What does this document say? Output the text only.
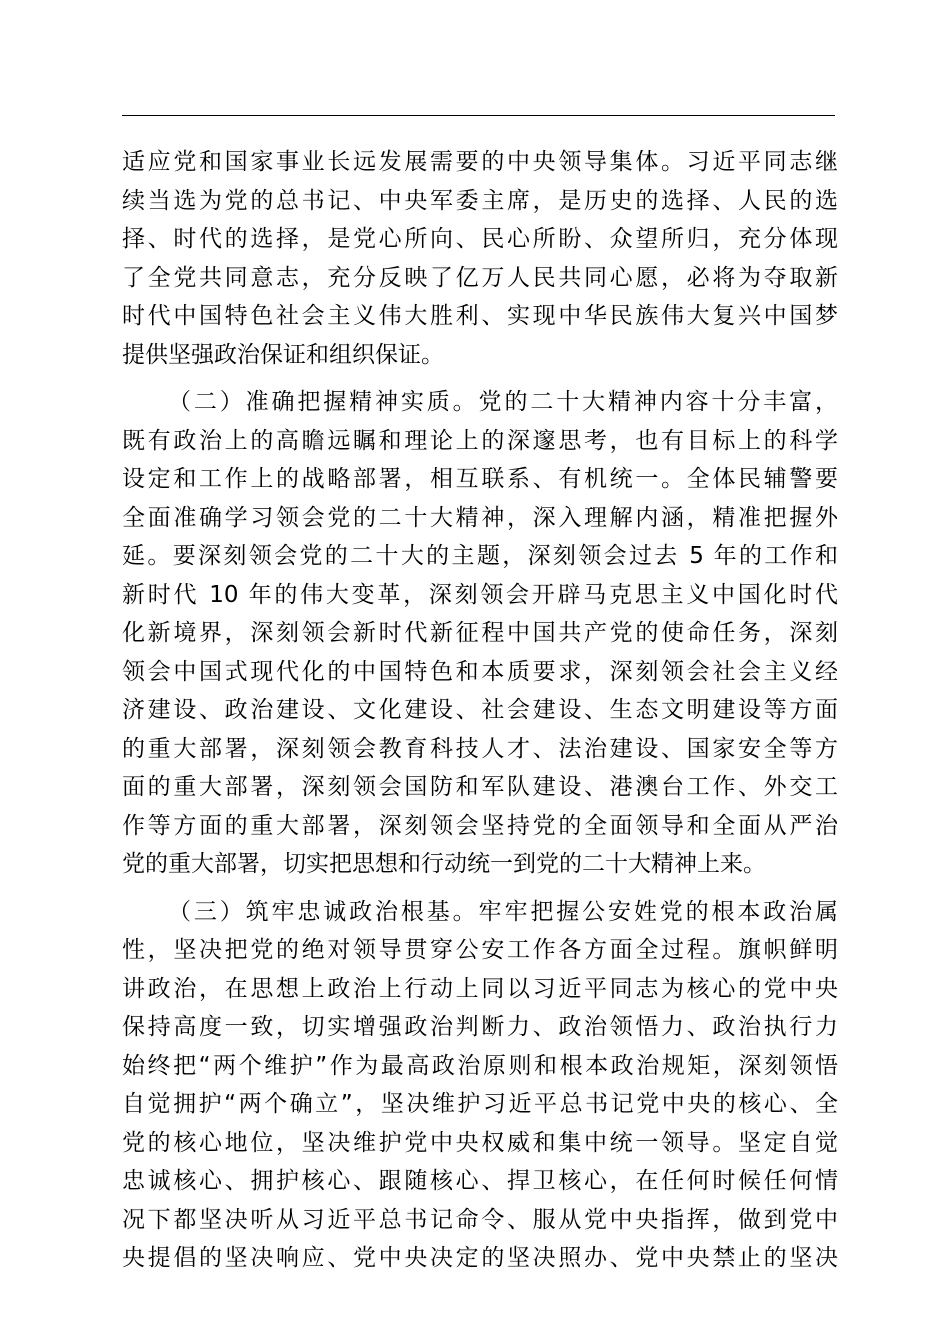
适应党和国家事业长远发展需要的中央领导集体。习近平同志继
续当选为党的总书记、中央军委主席，是历史的选择、人民的选
择、时代的选择，是党心所向、民心所盼、众望所归，充分体现
了全党共同意志，充分反映了亿万人民共同心愿，必将为夺取新
时代中国特色社会主义伟大胜利、实现中华民族伟大复兴中国梦
提供坚强政治保证和组织保证。
（二）准确把握精神实质。党的二十大精神内容十分丰富，
既有政治上的高瞻远瞩和理论上的深邃思考，也有目标上的科学
设定和工作上的战略部署，相互联系、有机统一。全体民辅警要
全面准确学习领会党的二十大精神，深入理解内涵，精准把握外
延。要深刻领会党的二十大的主题，深刻领会过去 5 年的工作和
新时代 10 年的伟大变革，深刻领会开辟马克思主义中国化时代
化新境界，深刻领会新时代新征程中国共产党的使命任务，深刻
领会中国式现代化的中国特色和本质要求，深刻领会社会主义经
济建设、政治建设、文化建设、社会建设、生态文明建设等方面
的重大部署，深刻领会教育科技人才、法治建设、国家安全等方
面的重大部署，深刻领会国防和军队建设、港澳台工作、外交工
作等方面的重大部署，深刻领会坚持党的全面领导和全面从严治
党的重大部署，切实把思想和行动统一到党的二十大精神上来。
（三）筑牢忠诚政治根基。牢牢把握公安姓党的根本政治属
性，坚决把党的绝对领导贯穿公安工作各方面全过程。旗帜鲜明
讲政治，在思想上政治上行动上同以习近平同志为核心的党中央
保持高度一致，切实增强政治判断力、政治领悟力、政治执行力
始终把“两个维护”作为最高政治原则和根本政治规矩，深刻领悟
自觉拥护“两个确立”，坚决维护习近平总书记党中央的核心、全
党的核心地位，坚决维护党中央权威和集中统一领导。坚定自觉
忠诚核心、拥护核心、跟随核心、捍卫核心，在任何时候任何情
况下都坚决听从习近平总书记命令、服从党中央指挥，做到党中
央提倡的坚决响应、党中央决定的坚决照办、党中央禁止的坚决
